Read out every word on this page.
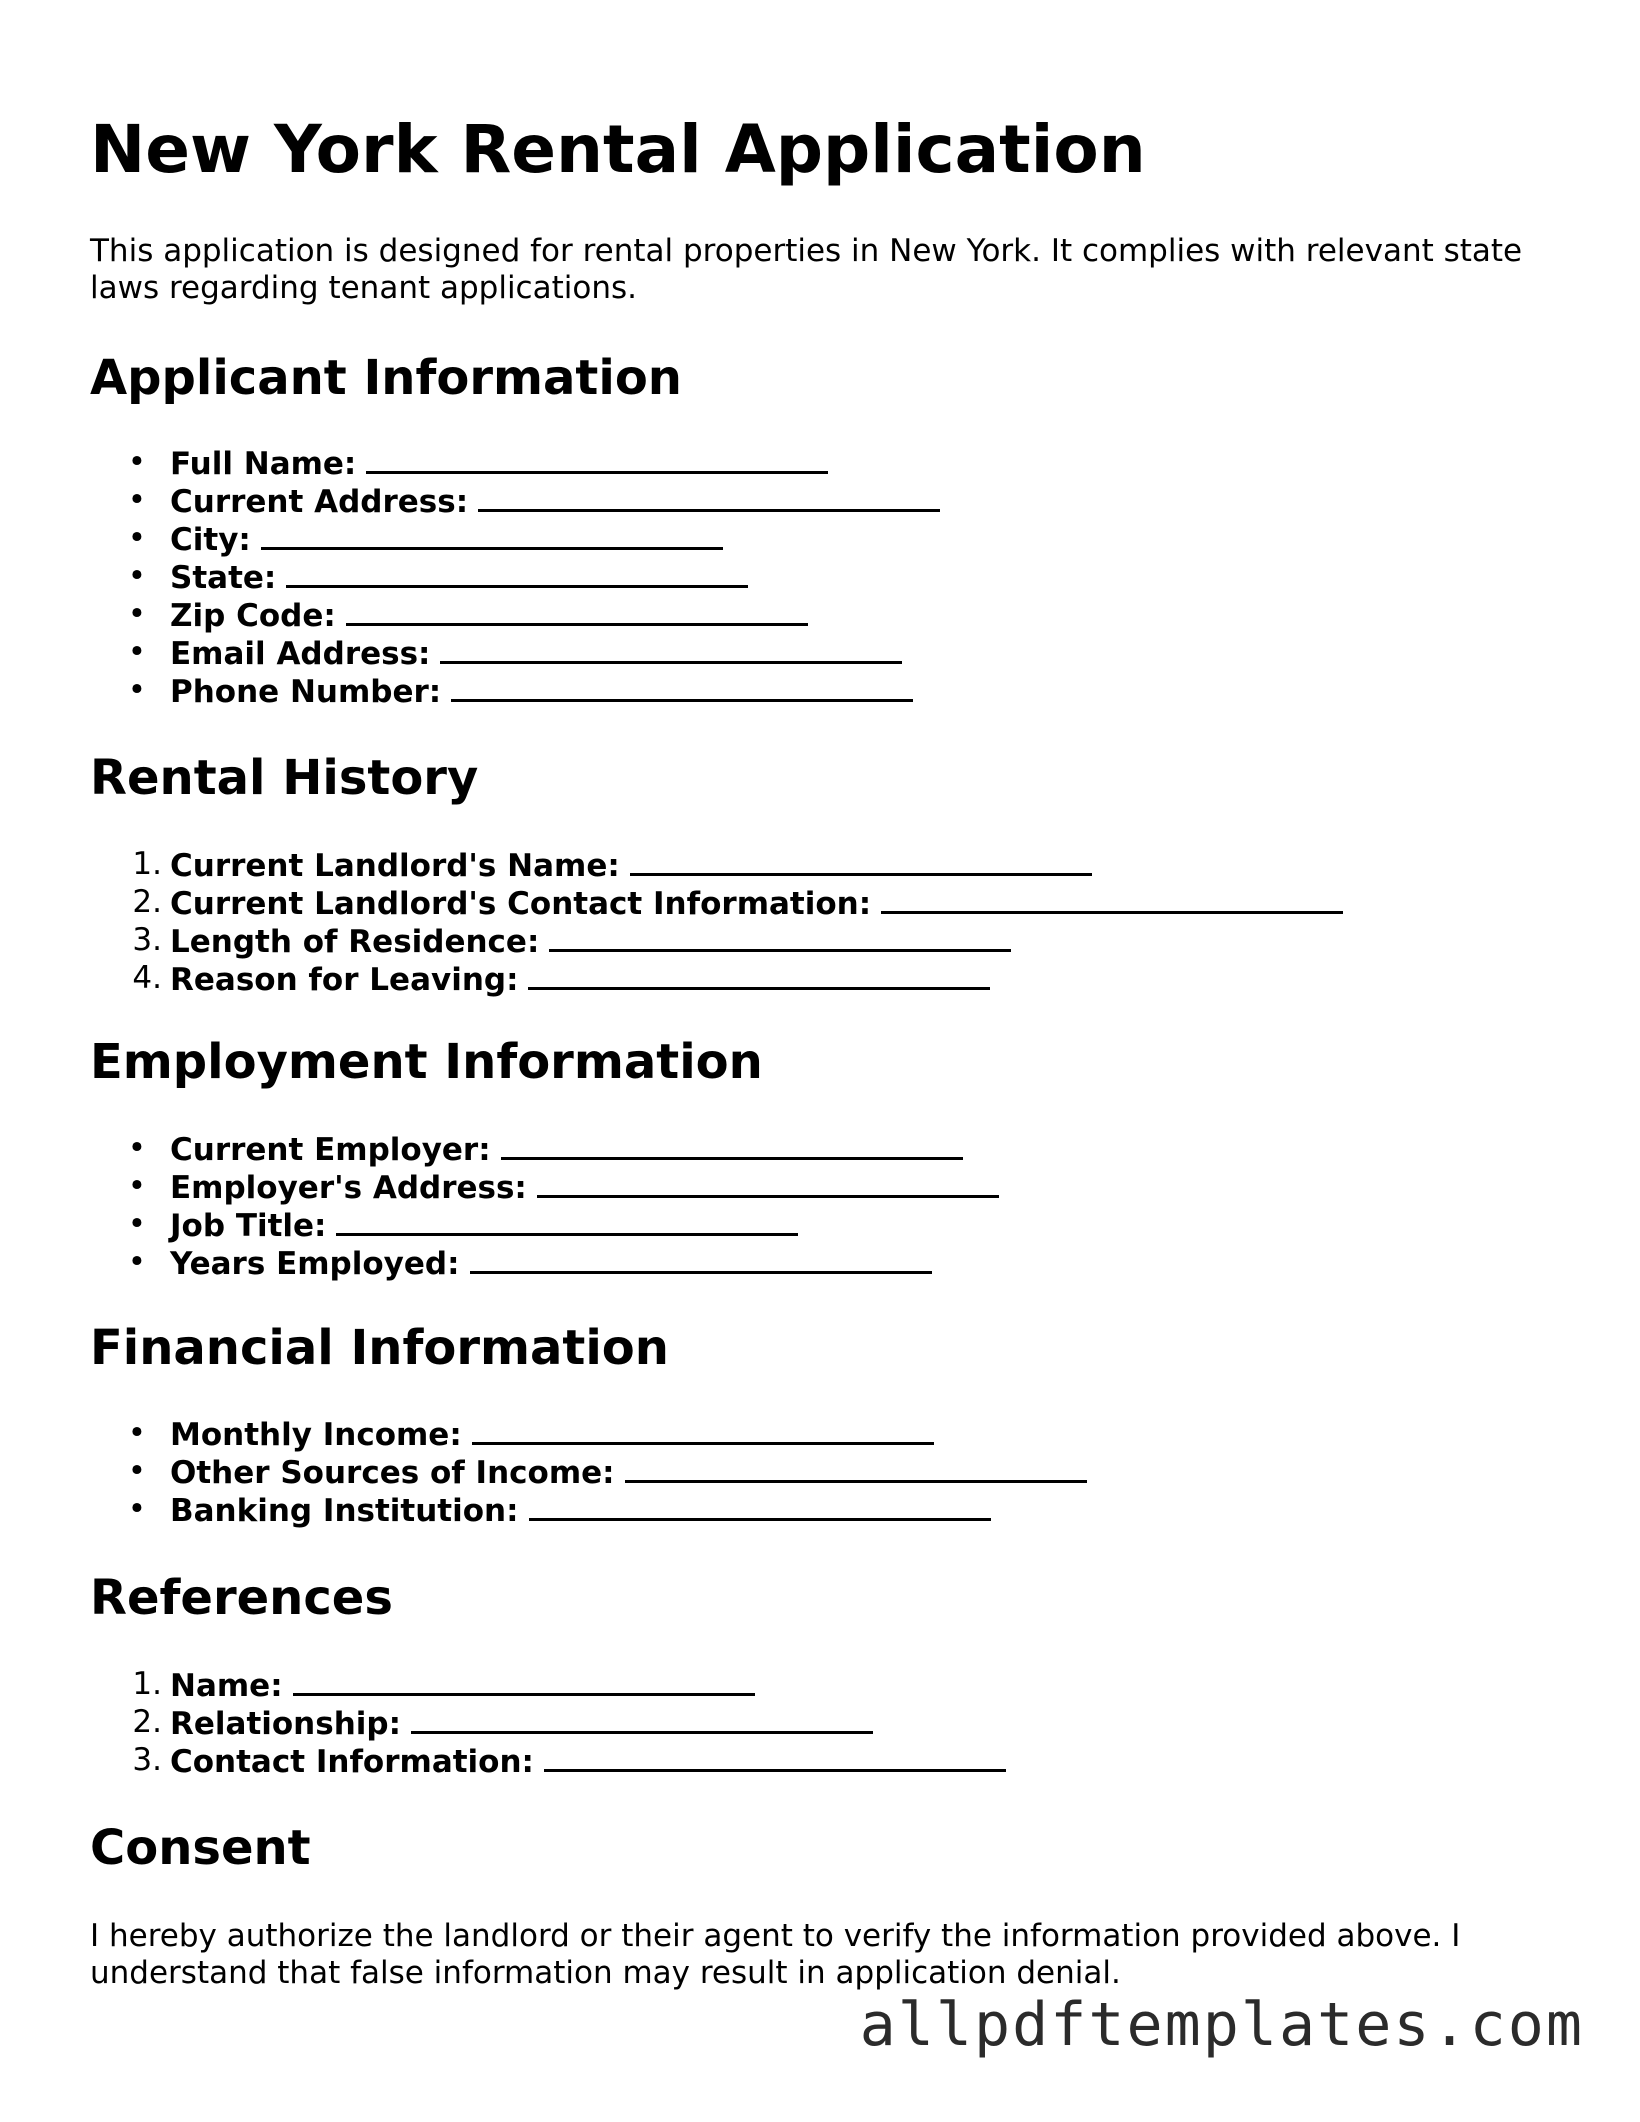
New York Rental Application

This application is designed for rental properties in New York. It complies with relevant state laws regarding tenant applications.

Applicant Information
• Full Name:
• Current Address:
• City:
• State:
• Zip Code:
• Email Address:
• Phone Number:
Rental History
1. Current Landlord's Name:
2. Current Landlord's Contact Information:
3. Length of Residence:
4. Reason for Leaving:
Employment Information
• Current Employer:
• Employer's Address:
• Job Title:
• Years Employed:
Financial Information
• Monthly Income:
• Other Sources of Income:
• Banking Institution:
References
1. Name:
2. Relationship:
3. Contact Information:
Consent

I hereby authorize the landlord or their agent to verify the information provided above. I understand that false information may result in application denial.

allpdftemplates.com
